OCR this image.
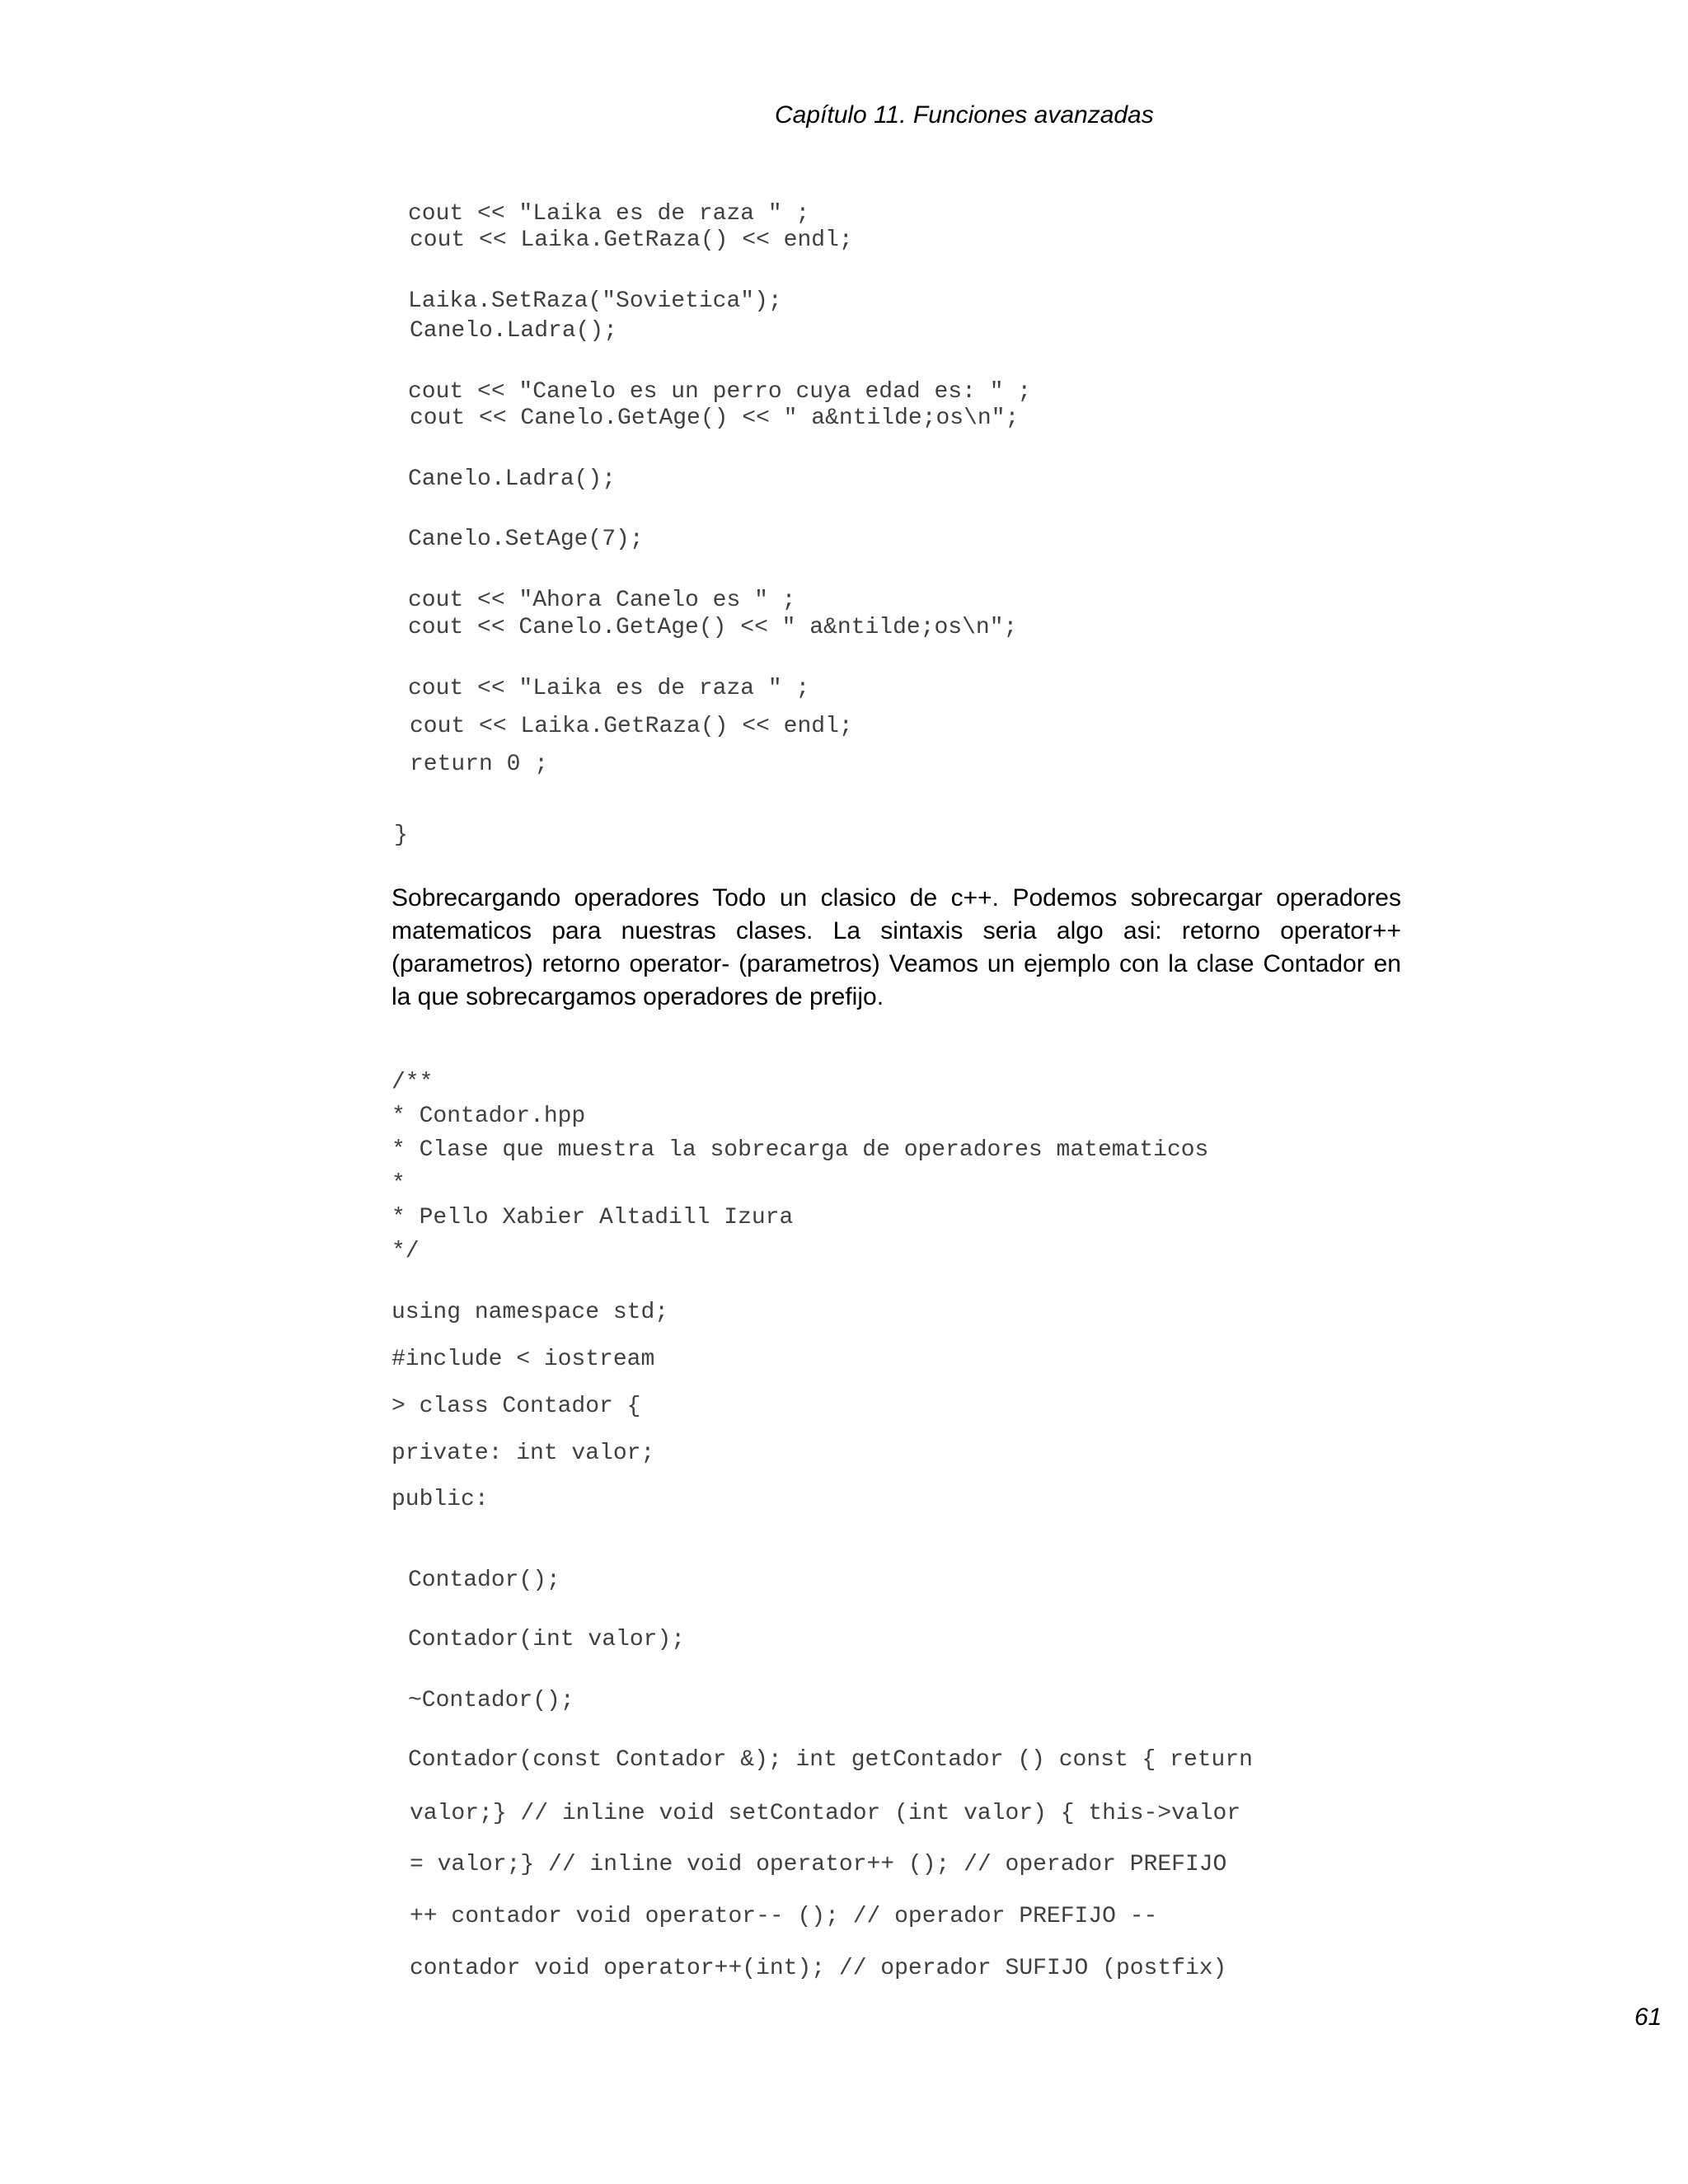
Capítulo 11. Funciones avanzadas
cout << "Laika es de raza " ;
cout << Laika.GetRaza() << endl;
Laika.SetRaza("Sovietica");
Canelo.Ladra();
cout << "Canelo es un perro cuya edad es: " ;
cout << Canelo.GetAge() << " a&ntilde;os\n";
Canelo.Ladra();
Canelo.SetAge(7);
cout << "Ahora Canelo es " ;
cout << Canelo.GetAge() << " a&ntilde;os\n";
cout << "Laika es de raza " ;
cout << Laika.GetRaza() << endl;
return 0 ;
}
Sobrecargando operadores Todo un clasico de c++. Podemos sobrecargar operadores matematicos para nuestras clases. La sintaxis seria algo asi: retorno operator++ (parametros) retorno operator- (parametros) Veamos un ejemplo con la clase Contador en la que sobrecargamos operadores de prefijo.
/**
* Contador.hpp
* Clase que muestra la sobrecarga de operadores matematicos
*
* Pello Xabier Altadill Izura
*/
using namespace std;
#include < iostream
> class Contador {
private: int valor;
public:
Contador();
Contador(int valor);
~Contador();
Contador(const Contador &); int getContador () const { return
valor;} // inline void setContador (int valor) { this->valor
= valor;} // inline void operator++ (); // operador PREFIJO
++ contador void operator-- (); // operador PREFIJO --
contador void operator++(int); // operador SUFIJO (postfix)
61
